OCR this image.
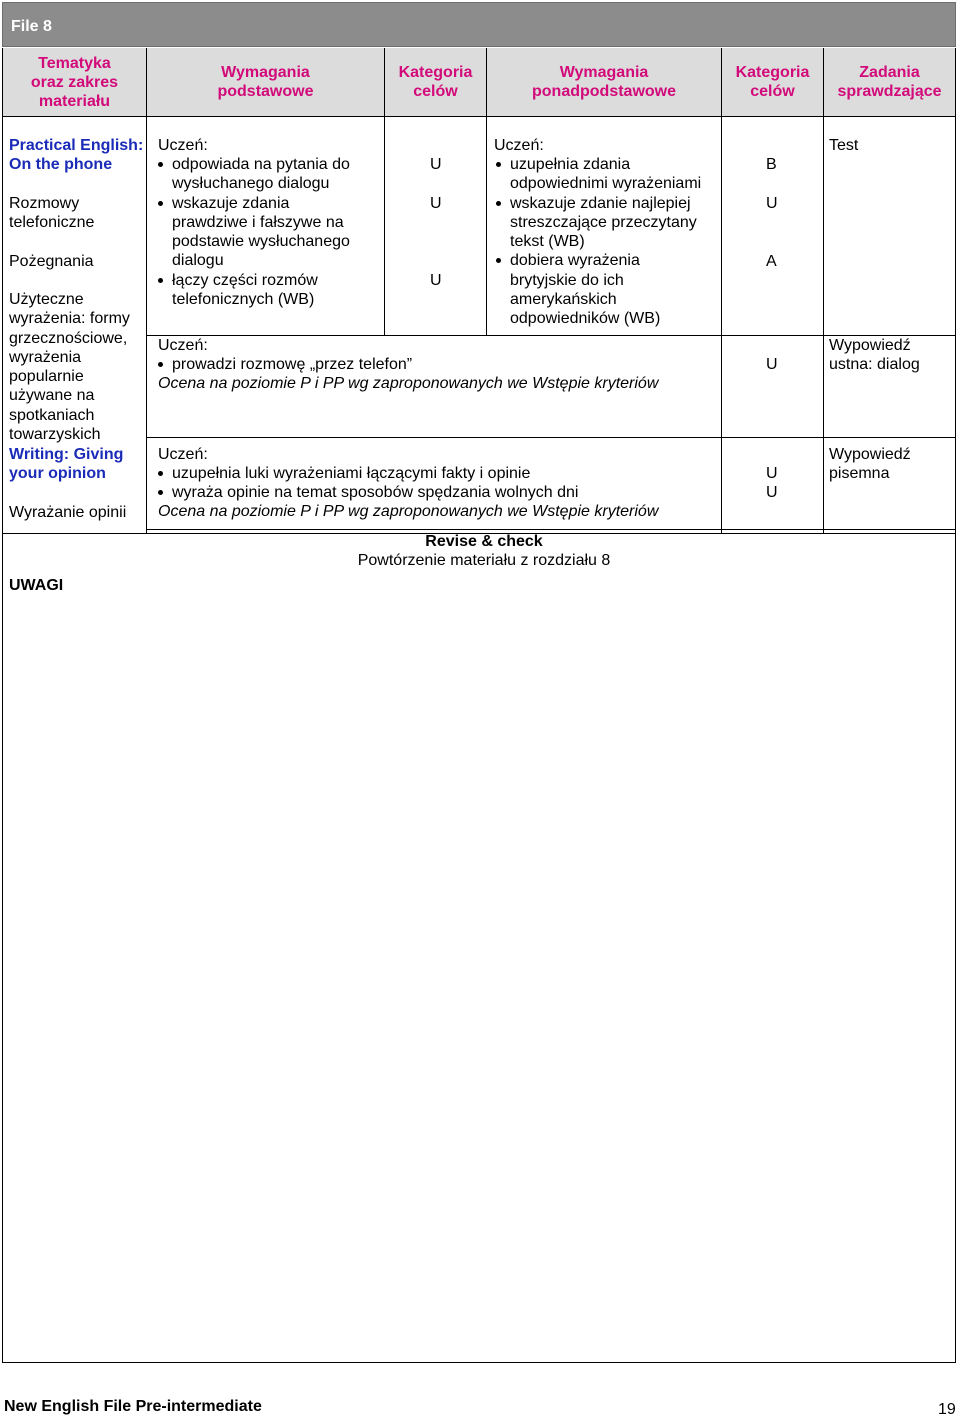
File 8
Tematyka
oraz zakres
materiału
Wymagania
podstawowe
Kategoria
celów
Wymagania
ponadpodstawowe
Kategoria
celów
Zadania
sprawdzające
Practical English:
On the phone
Rozmowy
telefoniczne
Pożegnania
Użyteczne
wyrażenia: formy
grzecznościowe,
wyrażenia
popularnie
używane na
spotkaniach
towarzyskich
Writing: Giving
your opinion
Wyrażanie opinii
Uczeń:
odpowiada na pytania do
wysłuchanego dialogu
wskazuje zdania
prawdziwe i fałszywe na
podstawie wysłuchanego
dialogu
łączy części rozmów
telefonicznych (WB)
U
U
U
Uczeń:
uzupełnia zdania
odpowiednimi wyrażeniami
wskazuje zdanie najlepiej
streszczające przeczytany
tekst (WB)
dobiera wyrażenia
brytyjskie do ich
amerykańskich
odpowiedników (WB)
B
U
A
Test
Uczeń:
prowadzi rozmowę „przez telefon”
Ocena na poziomie P i PP wg zaproponowanych we Wstępie kryteriów
U
Wypowiedź
ustna: dialog
Uczeń:
uzupełnia luki wyrażeniami łączącymi fakty i opinie
wyraża opinie na temat sposobów spędzania wolnych dni
Ocena na poziomie P i PP wg zaproponowanych we Wstępie kryteriów
U
U
Wypowiedź
pisemna
Revise & check
Powtórzenie materiału z rozdziału 8
UWAGI
New English File Pre-intermediate	19
